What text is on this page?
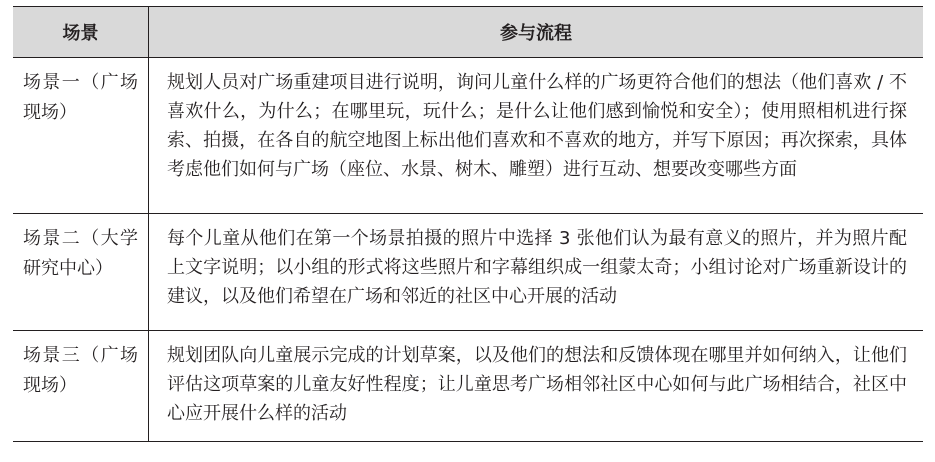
场景	参与流程
场景一（广场现场）
规划人员对广场重建项目进行说明，询问儿童什么样的广场更符合他们的想法（他们喜欢 / 不喜欢什么，为什么；在哪里玩，玩什么；是什么让他们感到愉悦和安全）；使用照相机进行探索、拍摄，在各自的航空地图上标出他们喜欢和不喜欢的地方，并写下原因；再次探索，具体考虑他们如何与广场（座位、水景、树木、雕塑）进行互动、想要改变哪些方面
场景二（大学研究中心）
每个儿童从他们在第一个场景拍摄的照片中选择 3 张他们认为最有意义的照片，并为照片配上文字说明；以小组的形式将这些照片和字幕组织成一组蒙太奇；小组讨论对广场重新设计的建议，以及他们希望在广场和邻近的社区中心开展的活动
场景三（广场现场）
规划团队向儿童展示完成的计划草案，以及他们的想法和反馈体现在哪里并如何纳入，让他们评估这项草案的儿童友好性程度；让儿童思考广场相邻社区中心如何与此广场相结合，社区中心应开展什么样的活动
